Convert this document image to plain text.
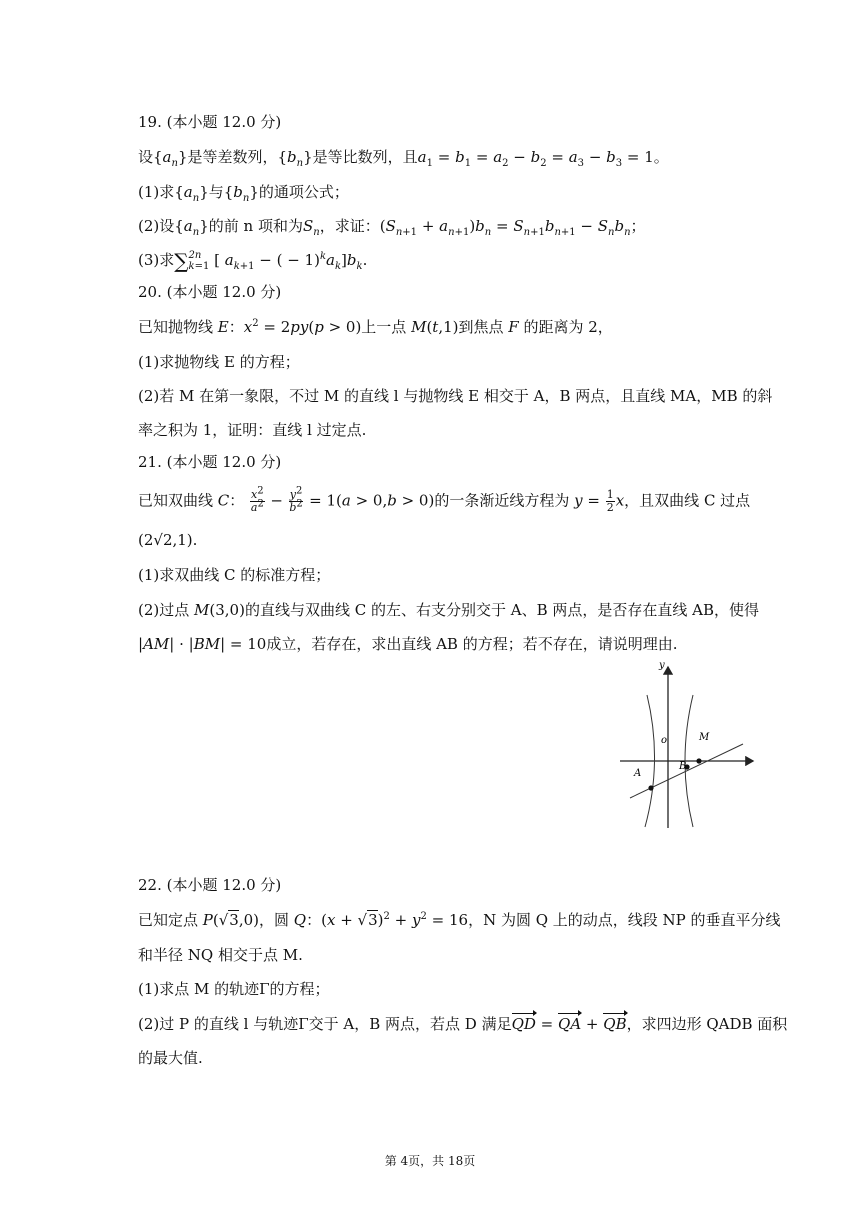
19. (本小题 12.0 分)
设$\{a_n\}$是等差数列，$\{b_n\}$是等比数列，且$a_1 = b_1 = a_2 - b_2 = a_3 - b_3 = 1$。
(1)求$\{a_n\}$与$\{b_n\}$的通项公式；
(2)设$\{a_n\}$的前 n 项和为$S_n$，求证：$(S_{n+1} + a_{n+1})b_n = S_{n+1}b_{n+1} - S_nb_n$；
(3)求∑ 2n
k=1 [ $a_{k+1}$ − ( − $1)^ka_k]b_k$.
20. (本小题 12.0 分)
已知抛物线 E：$x^2 = 2py(p > 0)$上一点 M(t,1)到焦点 F 的距离为 2，
(1)求抛物线 E 的方程；
(2)若 M 在第一象限，不过 M 的直线 l 与抛物线 E 相交于 A，B 两点，且直线 MA，MB 的斜
率之积为 1，证明：直线 l 过定点.
21. (本小题 12.0 分)
已知双曲线 C： $\frac{x^2}{a^2} - \frac{y^2}{b^2} = 1(a > 0,b > 0)$的一条渐近线方程为 $y = \frac{1}{2}$ x，且双曲线 C 过点
(2√2,1).
(1)求双曲线 C 的标准方程；
(2)过点 M(3,0)的直线与双曲线 C 的左、右支分别交于 A、B 两点，是否存在直线 AB，使得
|AM| · |BM| = 10成立，若存在，求出直线 AB 的方程；若不存在，请说明理由.
y
o
A
B
M
22. (本小题 12.0 分)
已知定点 P(√3,0)，圆 Q：$(x + √3)^2 + y^2 = 16$，N 为圆 Q 上的动点，线段 NP 的垂直平分线
和半径 NQ 相交于点 M.
(1)求点 M 的轨迹Γ的方程；
(2)过 P 的直线 l 与轨迹Γ交于 A，B 两点，若点 D 满足QD = QA + QB，求四边形 QADB 面积
的最大值.
第 4页，共 18页
